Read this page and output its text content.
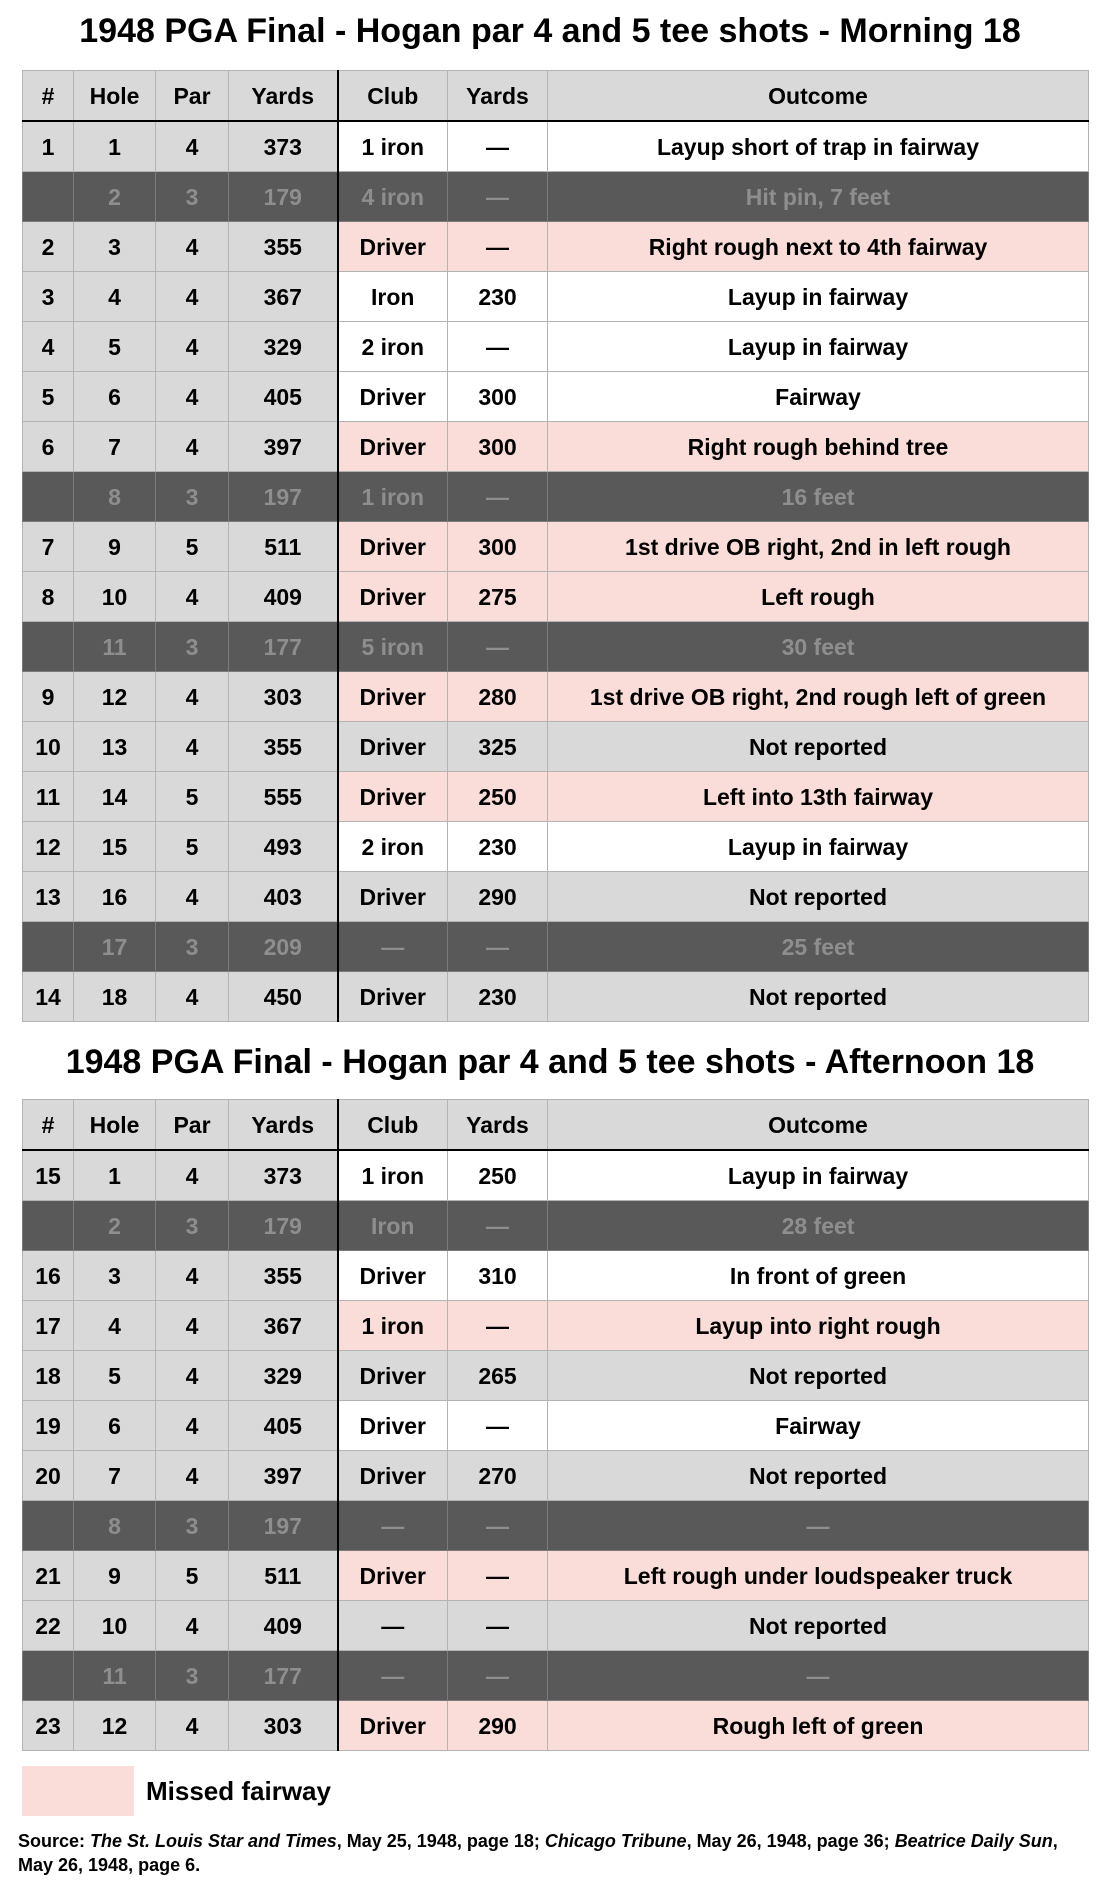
1948 PGA Final - Hogan par 4 and 5 tee shots - Morning 18
#	Hole	Par	Yards	Club	Yards	Outcome
1	1	4	373	1 iron	—	Layup short of trap in fairway
	2	3	179	4 iron	—	Hit pin, 7 feet
2	3	4	355	Driver	—	Right rough next to 4th fairway
3	4	4	367	Iron	230	Layup in fairway
4	5	4	329	2 iron	—	Layup in fairway
5	6	4	405	Driver	300	Fairway
6	7	4	397	Driver	300	Right rough behind tree
	8	3	197	1 iron	—	16 feet
7	9	5	511	Driver	300	1st drive OB right, 2nd in left rough
8	10	4	409	Driver	275	Left rough
	11	3	177	5 iron	—	30 feet
9	12	4	303	Driver	280	1st drive OB right, 2nd rough left of green
10	13	4	355	Driver	325	Not reported
11	14	5	555	Driver	250	Left into 13th fairway
12	15	5	493	2 iron	230	Layup in fairway
13	16	4	403	Driver	290	Not reported
	17	3	209	—	—	25 feet
14	18	4	450	Driver	230	Not reported
1948 PGA Final - Hogan par 4 and 5 tee shots - Afternoon 18
#	Hole	Par	Yards	Club	Yards	Outcome
15	1	4	373	1 iron	250	Layup in fairway
	2	3	179	Iron	—	28 feet
16	3	4	355	Driver	310	In front of green
17	4	4	367	1 iron	—	Layup into right rough
18	5	4	329	Driver	265	Not reported
19	6	4	405	Driver	—	Fairway
20	7	4	397	Driver	270	Not reported
	8	3	197	—	—	—
21	9	5	511	Driver	—	Left rough under loudspeaker truck
22	10	4	409	—	—	Not reported
	11	3	177	—	—	—
23	12	4	303	Driver	290	Rough left of green
Missed fairway

Source: The St. Louis Star and Times, May 25, 1948, page 18; Chicago Tribune, May 26, 1948, page 36; Beatrice Daily Sun, May 26, 1948, page 6.
